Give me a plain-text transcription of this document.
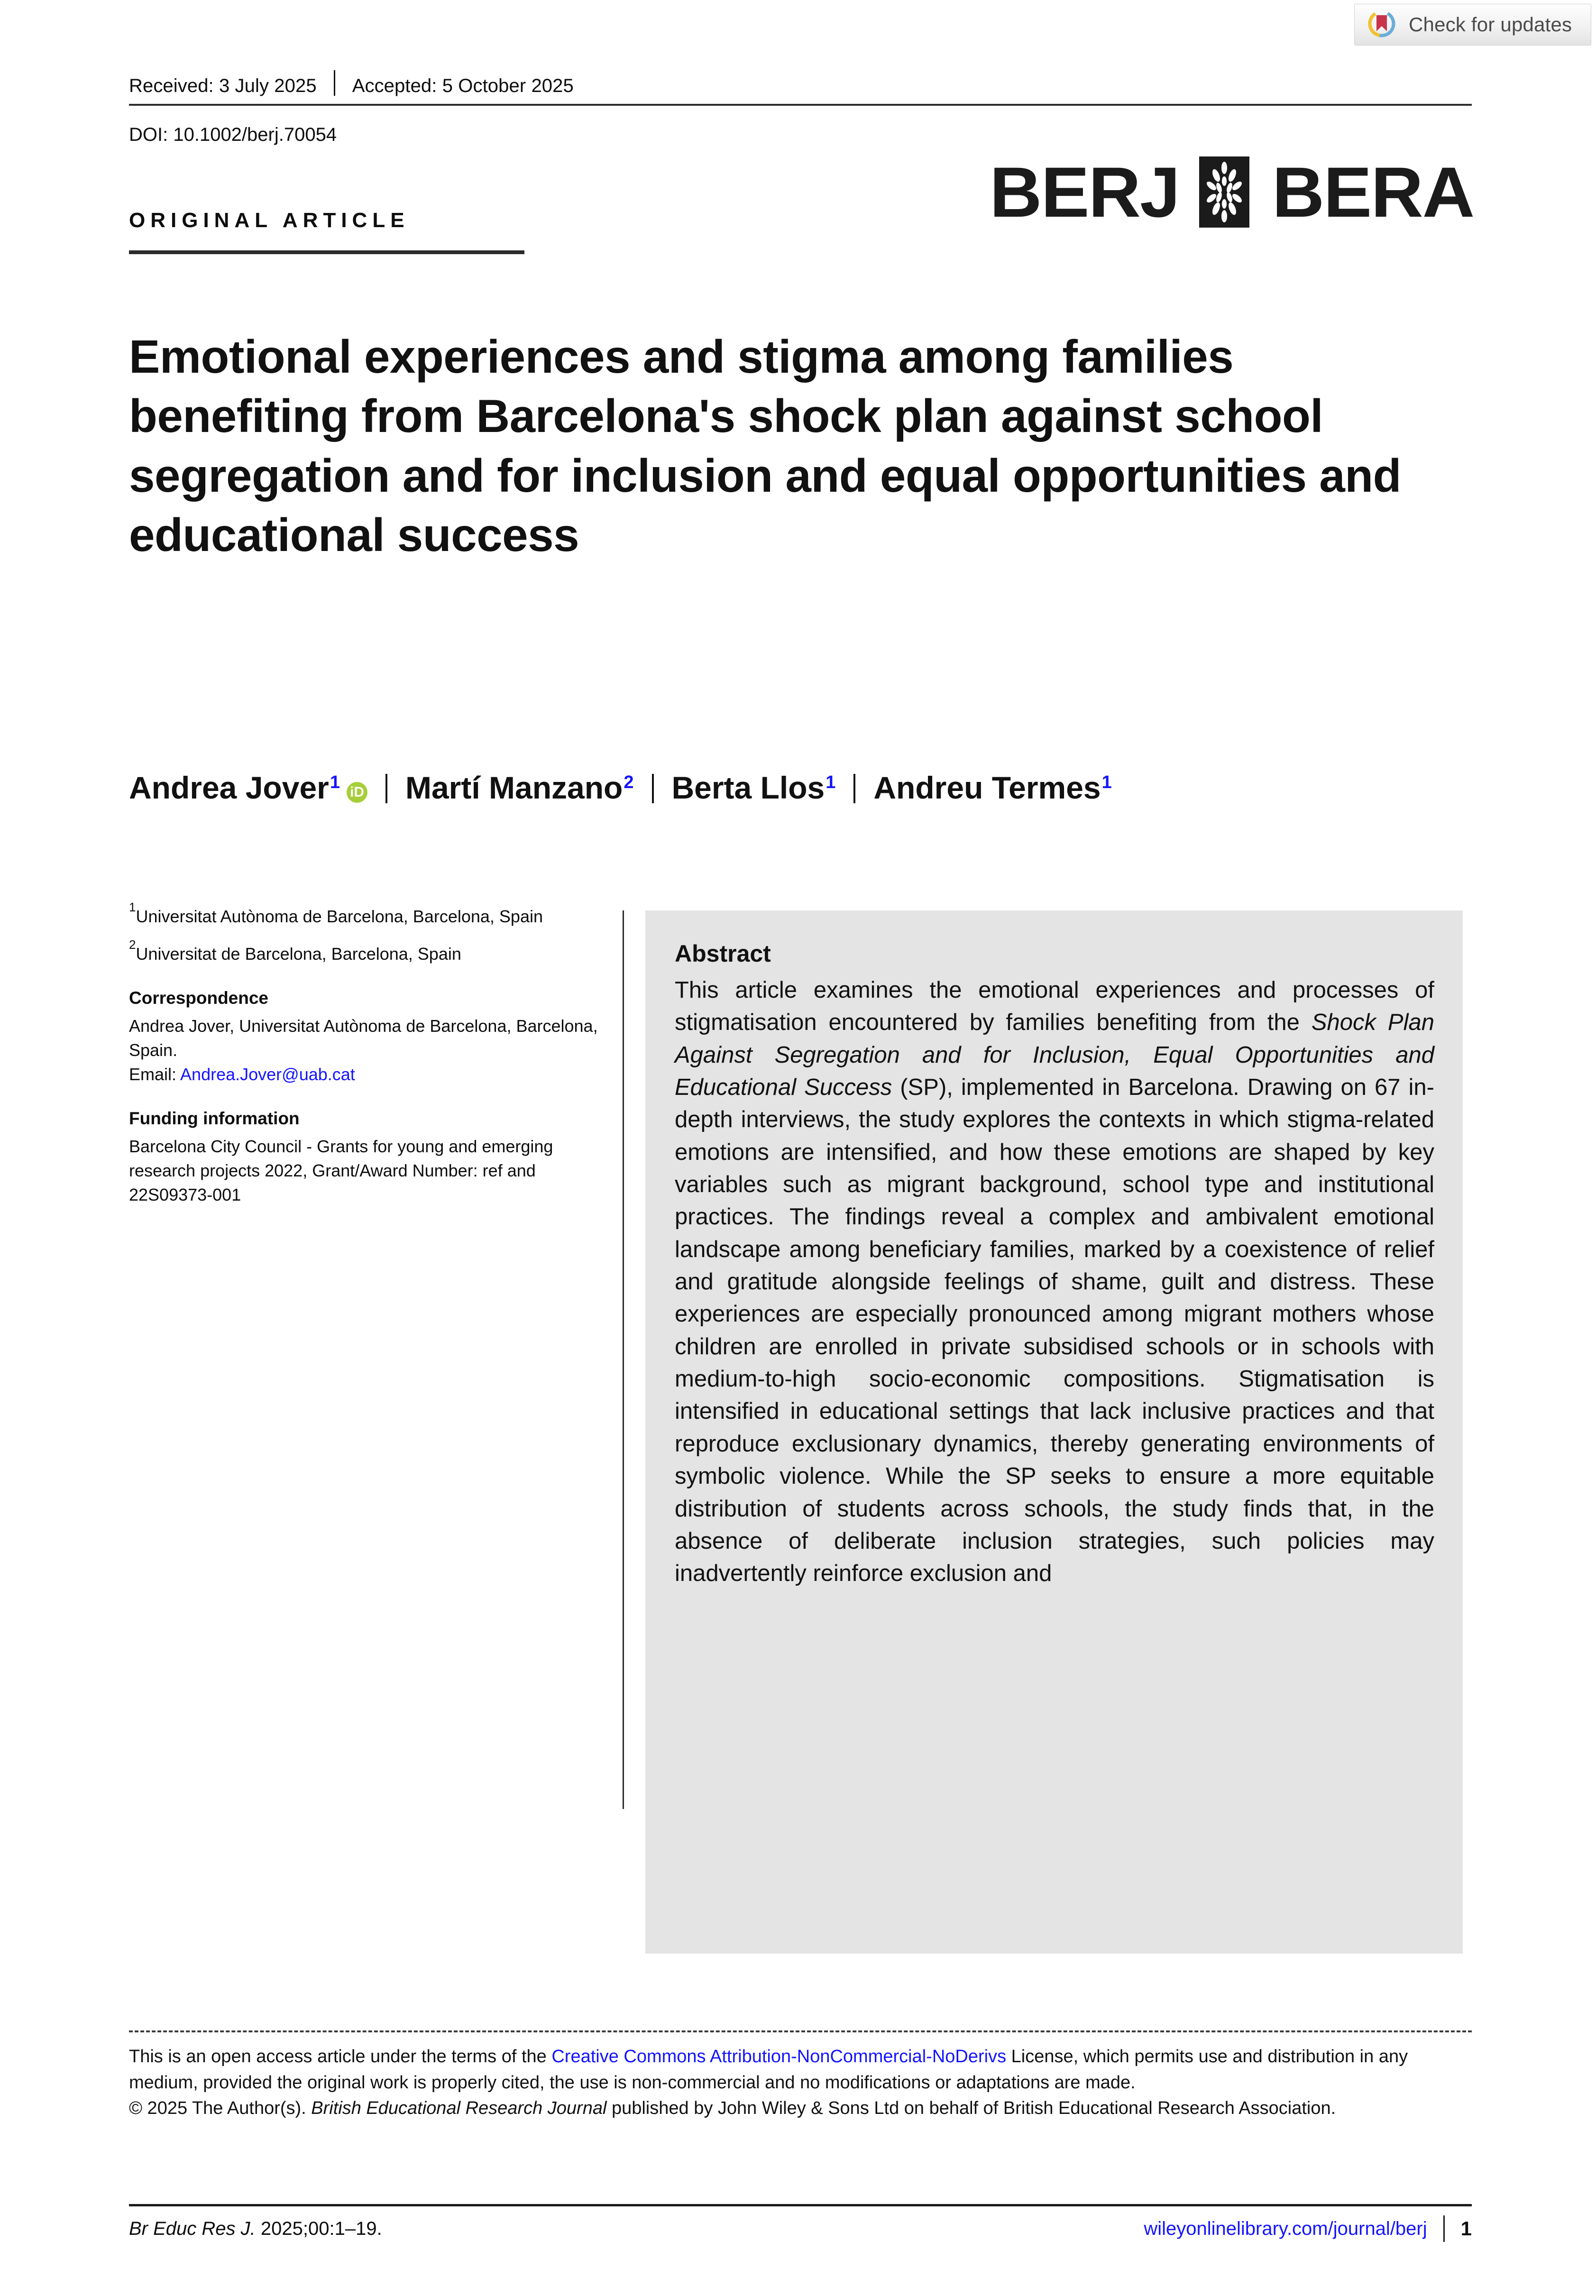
Check for updates
Received: 3 July 2025	Accepted: 5 October 2025
DOI: 10.1002/berj.70054
ORIGINAL ARTICLE	BERJ BERA
Emotional experiences and stigma among families benefiting from Barcelona's shock plan against school segregation and for inclusion and equal opportunities and educational success
Andrea Jover 1 iD Martí Manzano 2 Berta Llos 1 Andreu Termes 1

$^1$Universitat Autònoma de Barcelona, Barcelona, Spain

$^2$Universitat de Barcelona, Barcelona, Spain

Correspondence

Andrea Jover, Universitat Autònoma de Barcelona, Barcelona, Spain.

Email: Andrea.Jover@uab.cat

Funding information

Barcelona City Council - Grants for young and emerging research projects 2022, Grant/Award Number: ref and 22S09373-001

Abstract
This article examines the emotional experiences and processes of stigmatisation encountered by families benefiting from the Shock Plan Against Segregation and for Inclusion, Equal Opportunities and Educational Success (SP), implemented in Barcelona. Drawing on 67 in-depth interviews, the study explores the contexts in which stigma-related emotions are intensified, and how these emotions are shaped by key variables such as migrant background, school type and institutional practices. The findings reveal a complex and ambivalent emotional landscape among beneficiary families, marked by a coexistence of relief and gratitude alongside feelings of shame, guilt and distress. These experiences are especially pronounced among migrant mothers whose children are enrolled in private subsidised schools or in schools with medium-to-high socio-economic compositions. Stigmatisation is intensified in educational settings that lack inclusive practices and that reproduce exclusionary dynamics, thereby generating environments of symbolic violence. While the SP seeks to ensure a more equitable distribution of students across schools, the study finds that, in the absence of deliberate inclusion strategies, such policies may inadvertently reinforce exclusion and
This is an open access article under the terms of the Creative Commons Attribution-NonCommercial-NoDerivs License, which permits use and distribution in any medium, provided the original work is properly cited, the use is non-commercial and no modifications or adaptations are made.
© 2025 The Author(s). British Educational Research Journal published by John Wiley & Sons Ltd on behalf of British Educational Research Association.
Br Educ Res J. 2025;00:1–19.	wileyonlinelibrary.com/journal/berj 1
